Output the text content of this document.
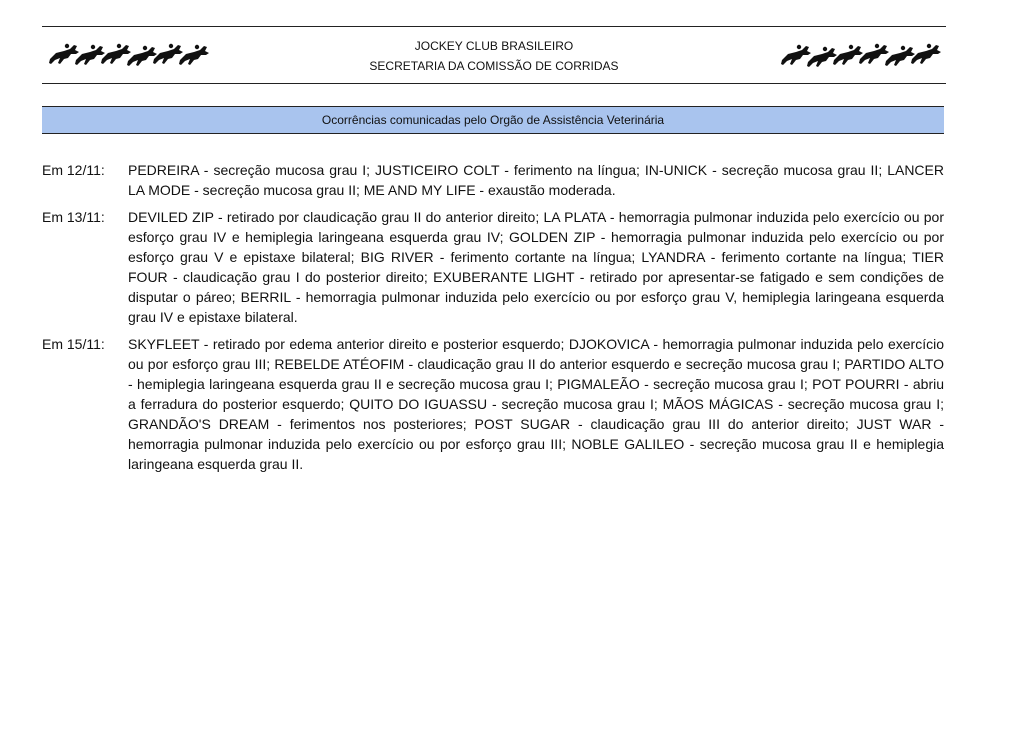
JOCKEY CLUB BRASILEIRO
SECRETARIA DA COMISSÃO DE CORRIDAS
Ocorrências comunicadas pelo Orgão de Assistência Veterinária
Em 12/11:	PEDREIRA - secreção mucosa grau I; JUSTICEIRO COLT - ferimento na língua; IN-UNICK - secreção mucosa grau II; LANCER LA MODE - secreção mucosa grau II; ME AND MY LIFE - exaustão moderada.
Em 13/11:	DEVILED ZIP - retirado por claudicação grau II do anterior direito; LA PLATA - hemorragia pulmonar induzida pelo exercício ou por esforço grau IV e hemiplegia laringeana esquerda grau IV; GOLDEN ZIP - hemorragia pulmonar induzida pelo exercício ou por esforço grau V e epistaxe bilateral; BIG RIVER - ferimento cortante na língua; LYANDRA - ferimento cortante na língua; TIER FOUR - claudicação grau I do posterior direito; EXUBERANTE LIGHT - retirado por apresentar-se fatigado e sem condições de disputar o páreo; BERRIL - hemorragia pulmonar induzida pelo exercício ou por esforço grau V, hemiplegia laringeana esquerda grau IV e epistaxe bilateral.
Em 15/11:	SKYFLEET - retirado por edema anterior direito e posterior esquerdo; DJOKOVICA - hemorragia pulmonar induzida pelo exercício ou por esforço grau III; REBELDE ATÉOFIM - claudicação grau II do anterior esquerdo e secreção mucosa grau I; PARTIDO ALTO - hemiplegia laringeana esquerda grau II e secreção mucosa grau I; PIGMALEÃO - secreção mucosa grau I; POT POURRI - abriu a ferradura do posterior esquerdo; QUITO DO IGUASSU - secreção mucosa grau I; MÃOS MÁGICAS - secreção mucosa grau I; GRANDÃO'S DREAM - ferimentos nos posteriores; POST SUGAR - claudicação grau III do anterior direito; JUST WAR - hemorragia pulmonar induzida pelo exercício ou por esforço grau III; NOBLE GALILEO - secreção mucosa grau II e hemiplegia laringeana esquerda grau II.
